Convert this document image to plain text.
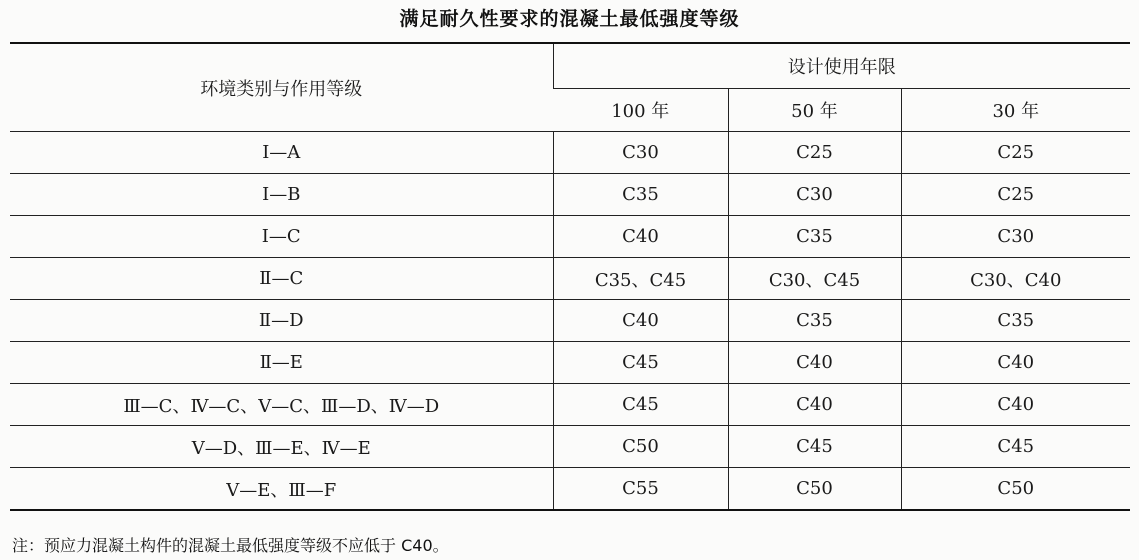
满足耐久性要求的混凝土最低强度等级
环境类别与作用等级	设计使用年限		
	100 年	50 年	30 年
Ⅰ—A	C30	C25	C25
Ⅰ—B	C35	C30	C25
Ⅰ—C	C40	C35	C30
Ⅱ—C	C35、C45	C30、C45	C30、C40
Ⅱ—D	C40	C35	C35
Ⅱ—E	C45	C40	C40
Ⅲ—C、Ⅳ—C、Ⅴ—C、Ⅲ—D、Ⅳ—D	C45	C40	C40
Ⅴ—D、Ⅲ—E、Ⅳ—E	C50	C45	C45
Ⅴ—E、Ⅲ—F	C55	C50	C50
注：预应力混凝土构件的混凝土最低强度等级不应低于 C40。
